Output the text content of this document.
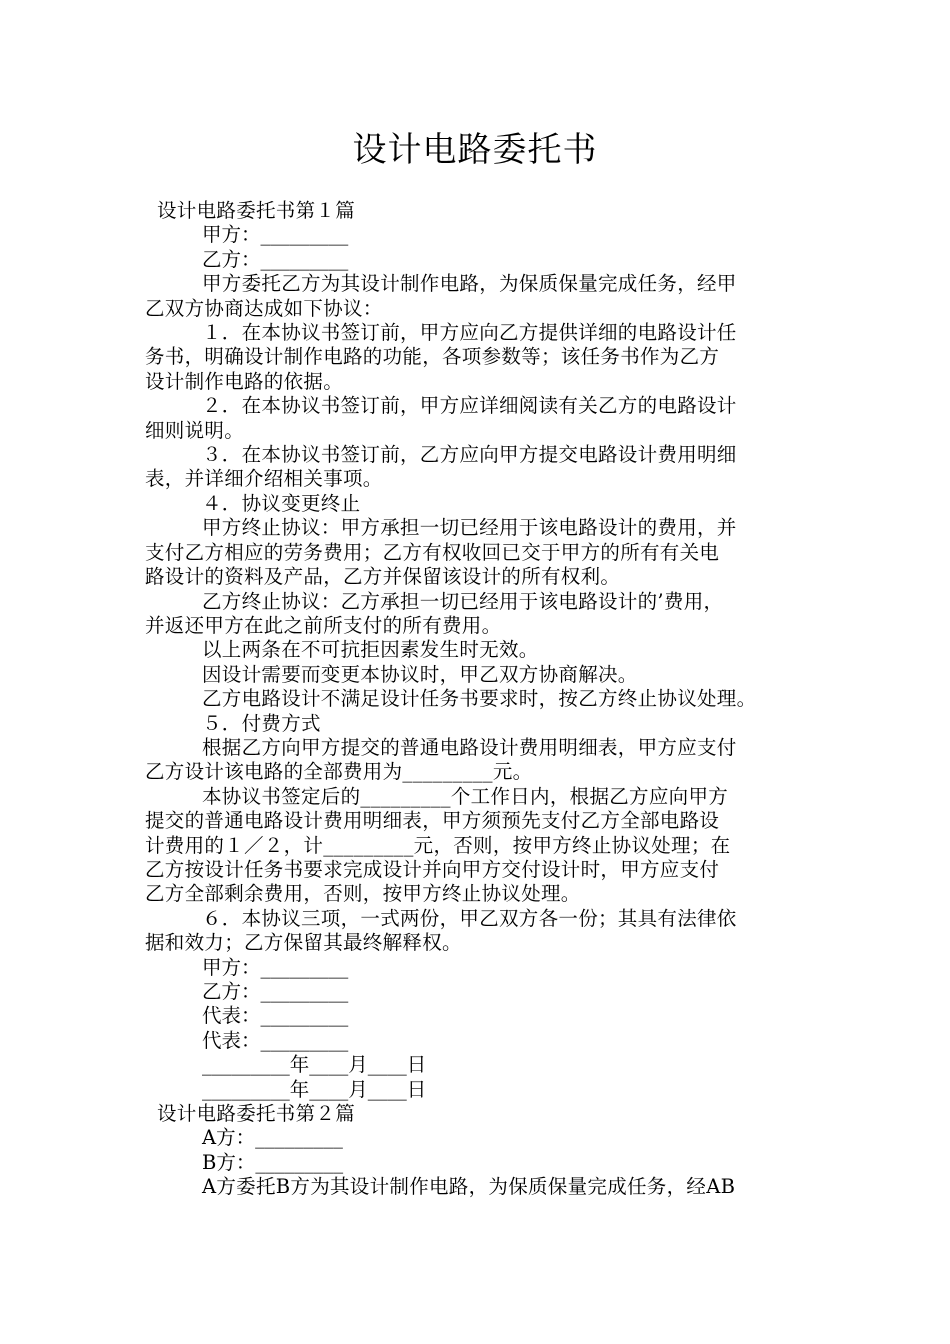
设计电路委托书
设计电路委托书第１篇
甲方：_________
乙方：_________
甲方委托乙方为其设计制作电路，为保质保量完成任务，经甲
乙双方协商达成如下协议：
１．在本协议书签订前，甲方应向乙方提供详细的电路设计任
务书，明确设计制作电路的功能，各项参数等；该任务书作为乙方
设计制作电路的依据。
２．在本协议书签订前，甲方应详细阅读有关乙方的电路设计
细则说明。
３．在本协议书签订前，乙方应向甲方提交电路设计费用明细
表，并详细介绍相关事项。
４．协议变更终止
甲方终止协议：甲方承担一切已经用于该电路设计的费用，并
支付乙方相应的劳务费用；乙方有权收回已交于甲方的所有有关电
路设计的资料及产品，乙方并保留该设计的所有权利。
乙方终止协议：乙方承担一切已经用于该电路设计的’费用，
并返还甲方在此之前所支付的所有费用。
以上两条在不可抗拒因素发生时无效。
因设计需要而变更本协议时，甲乙双方协商解决。
乙方电路设计不满足设计任务书要求时，按乙方终止协议处理。
５．付费方式
根据乙方向甲方提交的普通电路设计费用明细表，甲方应支付
乙方设计该电路的全部费用为_________元。
本协议书签定后的_________个工作日内，根据乙方应向甲方
提交的普通电路设计费用明细表，甲方须预先支付乙方全部电路设
计费用的１／２，计_________元，否则，按甲方终止协议处理；在
乙方按设计任务书要求完成设计并向甲方交付设计时，甲方应支付
乙方全部剩余费用，否则，按甲方终止协议处理。
６．本协议三项，一式两份，甲乙双方各一份；其具有法律依
据和效力；乙方保留其最终解释权。
甲方：_________
乙方：_________
代表：_________
代表：_________
_________年____月____日
_________年____月____日
设计电路委托书第２篇
A方：_________
B方：_________
A方委托B方为其设计制作电路，为保质保量完成任务，经AB
